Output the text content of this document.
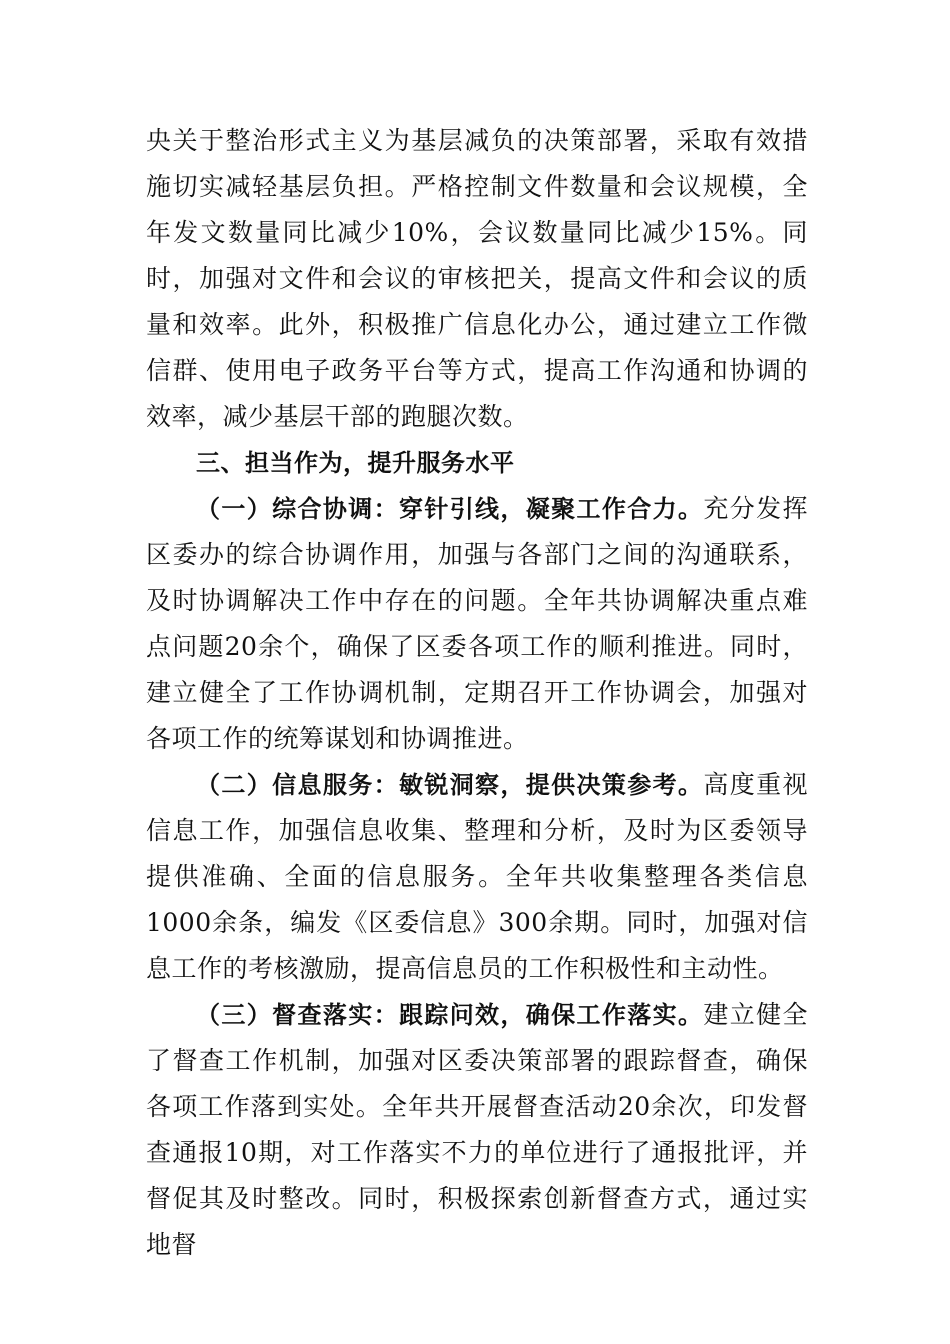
央关于整治形式主义为基层减负的决策部署，采取有效措施切实减轻基层负担。严格控制文件数量和会议规模，全年发文数量同比减少10%，会议数量同比减少15%。同时，加强对文件和会议的审核把关，提高文件和会议的质量和效率。此外，积极推广信息化办公，通过建立工作微信群、使用电子政务平台等方式，提高工作沟通和协调的效率，减少基层干部的跑腿次数。

三、担当作为，提升服务水平

（一）综合协调：穿针引线，凝聚工作合力。充分发挥区委办的综合协调作用，加强与各部门之间的沟通联系，及时协调解决工作中存在的问题。全年共协调解决重点难点问题20余个，确保了区委各项工作的顺利推进。同时，建立健全了工作协调机制，定期召开工作协调会，加强对各项工作的统筹谋划和协调推进。

（二）信息服务：敏锐洞察，提供决策参考。高度重视信息工作，加强信息收集、整理和分析，及时为区委领导提供准确、全面的信息服务。全年共收集整理各类信息1000余条，编发《区委信息》300余期。同时，加强对信息工作的考核激励，提高信息员的工作积极性和主动性。

（三）督查落实：跟踪问效，确保工作落实。建立健全了督查工作机制，加强对区委决策部署的跟踪督查，确保各项工作落到实处。全年共开展督查活动20余次，印发督查通报10期，对工作落实不力的单位进行了通报批评，并督促其及时整改。同时，积极探索创新督查方式，通过实地督
